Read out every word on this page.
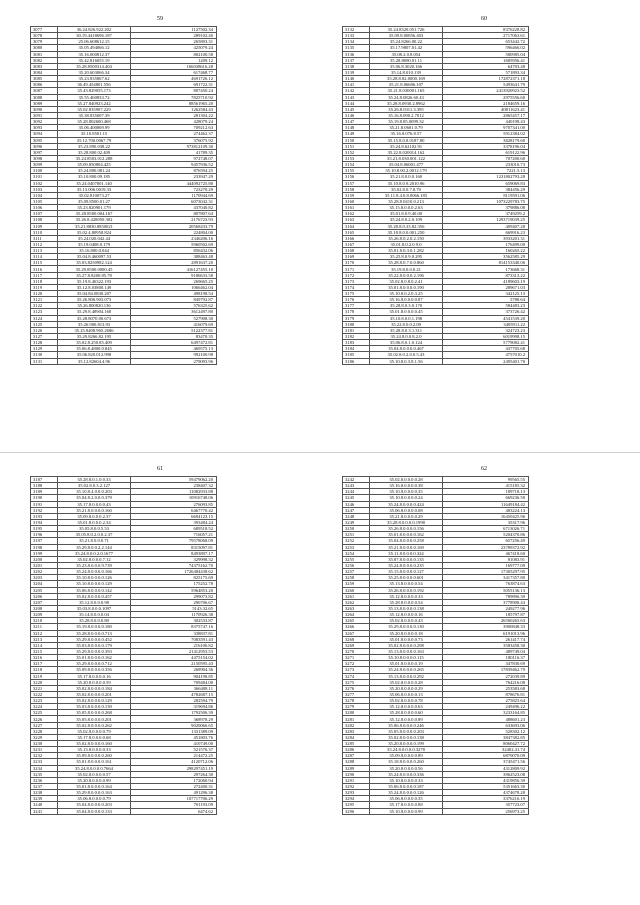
59
3077	36.24.826.922.202	1127502.34
3078	30.19.4418696.187	289102.40
3079	25.06.608612.15	265803.31
3080	35.05.494066.12	425079.24
3081	35.16.000812.37	802100.58
3082	35.42.816055.19	1209.12
3083	35.28.8500314.404	166038616.28
3084	35.20.603066.34	617468.77
3085	35.23.835867.62	4691726.12
3086	36.49.454801.556	691722.31
3087	35.43.829055.173	807450.24
3088	35.55.460833.72	7825710.92
3089	35.27.840923.242	88561965.20
3090	35.02.835907.229	1262584.43
3091	35.38.835007.39	281304.22
3092	35.28.802600.468	428079.24
3093	35.06.400069.99	709212.63
3094	35.10.8501.15	274462.37
3095	35.12.700.0067.79	376075.92
3096	35.23.890.038.22	973812109.30
3097	35.28.800.02.409	41789.35
3098	35.24.8503.012.288	972748.07
3099	35.09.850804.425	9457936.52
3100	35.24.800.081.24	876594.25
3101	35.10.800.09.185	233947.29
3102	35.24.0407001.140	444092725.80
3103	35.13.006.0019.33	723270.29
3104	35.02.810073.27	1170944.69
3105	35.09.8500.01.27	6073042.31
3106	35.23.820901.179	437040.82
3107	35.28.8500.004.167	807807.64
3108	35.26.8.428050.302	2176723.93
3109	35.21.8830.8850021	20568433.79
3110	35.02.4.80950.824	224804.00
3111	35.24.020.042.44	2346206.16
3112	35.19.0408.0.179	5960502.69
3113	35.16.800.0.044	856432.06
3114	35.04.8.460097.53	388463.48
3115	35.03.8250982.124	2891637.20
3116	35.29.8500.0000.45	416127455.10
3117	35.27.8.8200.85.78	9186633.58
3118	35.19.8.46322.193	269665.25
3119	35.12.8.03800.149	1066462.04
3120	35.04.84.0830.207	498198.54
3121	35.26.806.903.073	849792.87
3122	35.26.800820.136	576325.62
3123	35.29.8.48904.160	3612497.80
3124	35.28.8070.00.673	527908.30
3125	35.26.900.813.93	416079.69
3126	35.25.8408.965.2686	5122377.81
3127	35.29.8266.82.195	83470.35
3128	35.02.8.250.85.409	6497472.81
3129	35.06.8.4800.0.845	469575.13
3130	35.06.820.012.998	992100.98
3131	35.12.82604.4.96	279093.96
60
3132	35.24.8320.051.726	8376228.82
3133	35.09.8.00856.403	2717063.61
3134	35.24.8266.00.22	653442.72
3135	35.17.9807.01.42	596466.02
3136	35.08.2.0.8.054	580985.04
3137	35.28.8090.01.11	1685956.41
3138	35.06.8.3020.166	64703.48
3139	35.14.8.010.139	571893.34
3140	35.28.8.82.0000.169	172872371.18
3141	35.21.8.06606.107	5493641.79
3142	35.21.8.030001.165	2413920923.52
3143	35.24.8.0826.60.43	2975556.60
3144	35.28.8.0930.2.8962	2184659.16
3145	35.26.8.0311.3.395	40811623.41
3146	35.16.8.090.2.7012	2865457.17
3147	35.19.8.85.0099.32	440198.43
3148	35.21.8.0601.0.79	9707341.00
3149	35.16.8.076.8.57	5912384.02
3150	35.15.8.0.8.0187.80	3828179.60
3151	35.24.8.62102.91	3378196.04
3152	35.22.8.020014.162	619122.96
3153	35.21.8.030.001.122	707200.60
3154	35.04.8.06001.477	233016.73
3155	35.10.8.00.2.0012.179	7221.5.13
3156	35.21.8.0.0.0.160	1231802793.28
3157	35.10.8.0.9.2010.96	659069.83
3158	35.02.8.0.7.8.70	384456.29
3159	35.11.8.4.0.8.0066.185	8119591.06
3160	35.28.8.0410.0.213	1073229783.75
3161	35.15.8.0.0.0.2.63	379886.08
3162	35.01.8.0.9.40.00	3749259.2
3163	35.24.8.0.2.0.109	1293719039.25
3164	35.28.8.0.33.82.356	409407.28
3165	35.18.8.0.0.001.250	669916.23
3166	35.26.8.0.2.0.2.150	3933201.31
3167	35.01.8.0.2.0.9.0	176499.00
3168	35.01.8.0.3.0.1.282	160265.22
3169	35.25.8.0.9.0.295	3562585.29
3170	35.28.8.0.7.0.0.860	814153340.06
3171	35.19.8.0.0.0.21	173668.31
3172	35.22.8.0.0.0.2.196	873313.22
3173	35.02.8.0.8.0.2.41	4189603.19
3174	35.01.8.0.0.0.0.190	289671.03
3175	35.10.8.0.2.0.3.25	342125.13
3176	35.16.8.0.0.0.0.87	5788.64
3177	35.28.8.0.3.0.170	584483.23
3178	35.01.8.0.0.0.0.45	373726.42
3179	35.10.8.0.0.1.198	4541539.20
3180	35.22.8.0.0.2.09	3405911.22
3181	35.28.8.0.3.1.311	324723.23
3182	35.24.8.0.0.8.2.0	6019998.15
3183	35.06.8.0.1.0.124	5779082.41
3184	35.04.8.0.0.0.0.467	437705.68
3185	35.02.8.0.2.0.0.5.43	4757010.2
3186	35.10.8.0.3.8.1.56	2495401.70
61
3187	35.28.8.0.1.0.0.33	59479062.20
3188	35.02.8.0.3.2.127	238407.32
3189	35.10.8.4.0.0.0.203	11082933.88
3190	35.04.8.2.0.0.0.379	10916748.06
3191	35.17.8.0.0.0.0.43	276093.85
3192	35.21.8.0.0.0.0.160	6467770.42
3193	35.09.8.0.0.0.2.37	6694123.15
3194	35.01.8.0.0.0.2.34	393484.24
3195	35.05.8.0.0.5.53	689518.52
3196	35.05.8.0.2.0.0.2.37	716057.21
3197	35.21.8.0.0.0.71	79578068.09
3198	35.29.8.0.0.2.2.144	8315097.81
3199	35.24.8.0.0.2.0.1677	8493897.17
3200	35.02.8.0.0.0.7.12	329998.32
3201	35.23.8.0.0.0.9.739	74375162.70
3202	35.24.8.0.0.6.0.166	1726484438.62
3203	35.10.8.0.0.0.0.126	825175.69
3204	35.10.8.0.0.0.0.129	175252.78
3205	35.06.8.0.0.0.0.142	5964853.20
3206	35.02.8.0.0.0.0.457	299073.82
3207	35.12.8.0.0.0.98	290706.67
3208	35.03.8.0.0.0.1097	5143.32.65
3209	35.14.8.0.0.0.04	1170926.38
3210	35.28.8.0.0.0.80	302533.87
3211	35.19.8.0.0.0.0.180	8375747.16
3212	35.28.8.0.0.0.0.713	338837.81
3213	35.29.8.0.0.0.0.452	7083591.43
3214	35.03.8.0.0.0.0.179	216106.82
3215	35.29.8.0.0.0.0.393	21412953.53
3216	35.01.8.0.0.0.0.162	4475154.02
3217	35.29.8.0.0.0.0.712	2150595.43
3218	35.09.8.0.0.0.0.356	268904.36
3219	35.17.8.0.0.0.0.16	904198.85
3220	35.20.8.0.0.0.0.59	709484.00
3221	35.02.8.0.0.0.0.184	366408.11
3222	35.02.8.0.0.0.0.201	4782687.15
3223	35.02.8.0.0.0.0.129	282594.79
3224	35.03.8.0.0.0.0.139	319694.86
3225	35.05.8.0.0.0.0.268	1792506.39
3226	35.05.8.0.0.0.0.201	368978.29
3227	35.02.8.0.0.0.0.262	9020066.65
3228	35.02.8.0.0.0.0.79	1331389.09
3229	35.17.8.0.0.0.0.68	451803.76
3230	35.02.8.0.0.0.0.160	410749.00
3231	35.13.8.0.0.0.0.33	521576.37
3232	35.09.8.0.0.0.0.260	214472.25
3233	35.01.8.0.0.0.0.161	4120712.06
3234	35.24.8.0.0.0.0.7664	298297451.19
3235	35.02.8.0.0.0.0.57	297264.30
3236	35.20.8.0.0.0.0.99	172060.94
3237	35.01.8.0.0.0.0.164	272400.31
3238	35.29.8.0.0.0.0.163	491296.38
3239	35.06.8.0.0.0.0.79	107717706.29
3240	35.04.8.0.0.0.0.203	701193.09
3241	35.04.8.0.0.0.0.133	6474.62
62
3242	35.02.8.0.0.0.0.28	99565.55
3243	35.16.8.0.0.0.0.38	415185.32
3244	35.10.8.0.0.0.0.35	189718.13
3245	35.10.8.0.0.0.0.24	669236.50
3246	35.24.8.0.0.0.0.424	11649184.42
3247	35.06.8.0.0.0.0.08	483224.13
3248	35.21.8.0.0.0.0.29	16450425.96
3249	35.28.8.0.0.0.0.1998	35317.96
3250	35.26.8.0.0.0.0.156	6713026.71
3251	35.01.8.0.0.0.0.162	5204370.86
3252	35.04.8.0.0.0.0.258	657256.49
3253	35.21.8.0.0.0.0.169	23789372.92
3254	35.11.8.0.0.0.0.324	467418.60
3255	35.07.8.0.0.0.0.135	81083.91
3256	35.24.8.0.0.0.0.235	169777.09
3257	35.15.8.0.0.0.0.127	17305297.95
3258	35.25.8.0.0.0.0.601	3417357.80
3259	35.13.8.0.0.0.0.54	763874.63
3260	35.26.8.0.0.0.0.192	5055136.13
3261	35.12.8.0.0.0.0.33	789896.39
3262	35.28.8.0.0.0.0.54	3778908.43
3263	35.13.8.0.0.0.0.138	249277.96
3264	35.12.8.0.0.0.0.16	185797.87
3265	35.02.8.0.0.0.0.43	26500265.63
3266	35.29.8.0.0.0.0.130	3900848.33
3267	35.20.8.0.0.0.0.18	6191013.96
3268	35.01.8.0.0.0.0.73	261417.74
3269	35.02.8.0.0.0.0.298	3583458.30
3270	35.13.8.0.0.0.0.163	489749.04
3271	35.10.8.0.0.0.0.115	180116.37
3272	35.01.8.0.0.0.0.19	347830.69
3273	35.24.8.0.0.0.0.265	17839462.79
3274	35.13.8.0.0.0.0.292	272039.89
3275	35.02.8.0.0.0.0.28	764216.08
3276	35.20.8.0.0.0.0.29	253583.68
3277	35.06.8.0.0.0.0.13	878676.81
3278	35.02.8.0.0.0.0.78	275825.64
3279	35.12.8.0.0.0.0.63	249496.22
3280	35.28.8.0.0.0.0.60	3233164.85
3281	35.12.8.0.0.0.0.89	488601.23
3282	35.06.8.0.0.0.0.246	633693.06
3283	35.05.8.0.0.0.0.203	528302.12
3284	35.02.8.0.0.0.0.138	3847382.85
3285	35.20.8.0.0.0.0.199	8060427.72
3286	35.24.8.0.0.0.0.3278	32402.41.74
3287	35.09.8.0.0.0.0.89	6870070.09
3288	35.18.8.0.0.0.0.260	3745471.56
3289	35.20.8.0.0.0.0.56	4312809.92
3290	35.24.8.0.0.0.0.336	3962523.08
3291	35.10.8.0.0.0.0.33	4319856.39
3292	35.06.8.0.0.0.0.187	5351663.30
3293	35.24.8.0.0.0.0.126	4374678.28
3294	35.06.8.0.0.0.0.35	3376216.19
3295	35.17.8.0.0.0.0.88	357723.07
3296	35.10.8.0.0.0.0.99	256973.25
